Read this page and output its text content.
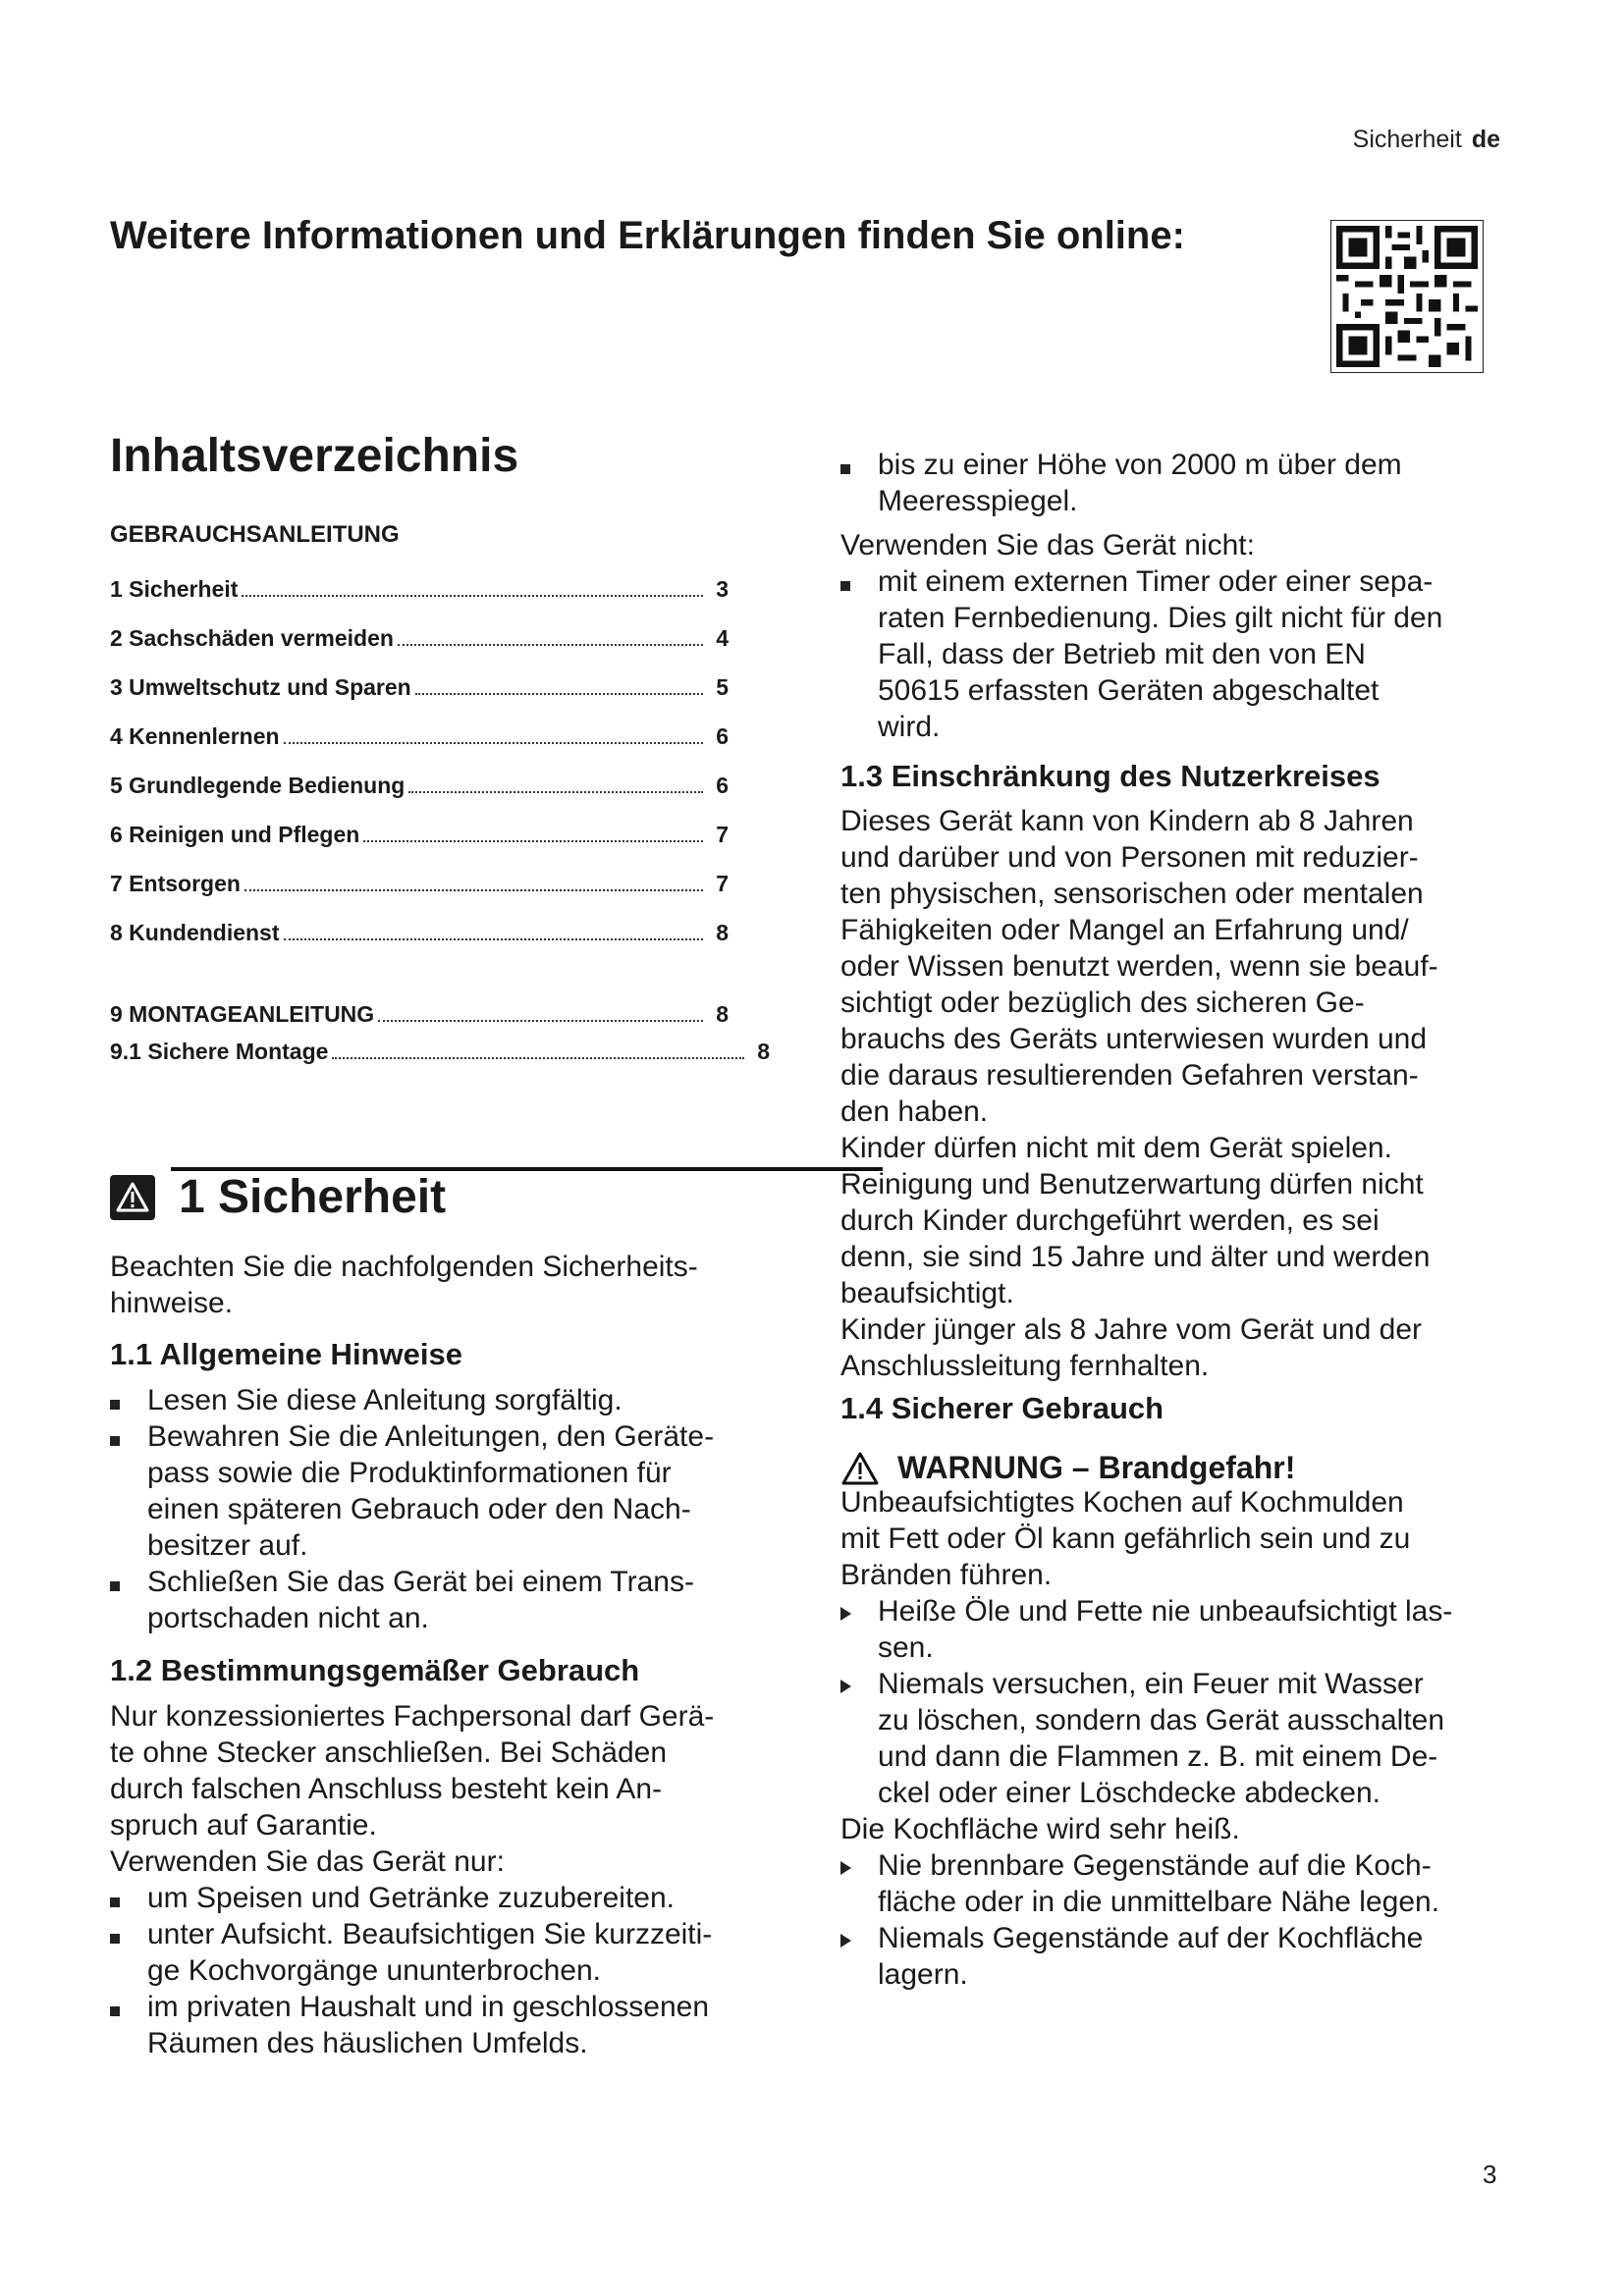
Sicherheit de
Weitere Informationen und Erklärungen finden Sie online:
Inhaltsverzeichnis
GEBRAUCHSANLEITUNG
1 Sicherheit	3
2 Sachschäden vermeiden	4
3 Umweltschutz und Sparen	5
4 Kennenlernen	6
5 Grundlegende Bedienung	6
6 Reinigen und Pflegen	7
7 Entsorgen	7
8 Kundendienst	8
9 MONTAGEANLEITUNG	8
9.1 Sichere Montage	8
1 Sicherheit
Beachten Sie die nachfolgenden Sicherheits-
hinweise.
1.1 Allgemeine Hinweise
Lesen Sie diese Anleitung sorgfältig.
Bewahren Sie die Anleitungen, den Geräte-
pass sowie die Produktinformationen für
einen späteren Gebrauch oder den Nach-
besitzer auf.
Schließen Sie das Gerät bei einem Trans-
portschaden nicht an.
1.2 Bestimmungsgemäßer Gebrauch
Nur konzessioniertes Fachpersonal darf Gerä-
te ohne Stecker anschließen. Bei Schäden
durch falschen Anschluss besteht kein An-
spruch auf Garantie.
Verwenden Sie das Gerät nur:
um Speisen und Getränke zuzubereiten.
unter Aufsicht. Beaufsichtigen Sie kurzzeiti-
ge Kochvorgänge ununterbrochen.
im privaten Haushalt und in geschlossenen
Räumen des häuslichen Umfelds.
bis zu einer Höhe von 2000 m über dem
Meeresspiegel.
Verwenden Sie das Gerät nicht:
mit einem externen Timer oder einer sepa-
raten Fernbedienung. Dies gilt nicht für den
Fall, dass der Betrieb mit den von EN
50615 erfassten Geräten abgeschaltet
wird.
1.3 Einschränkung des Nutzerkreises
Dieses Gerät kann von Kindern ab 8 Jahren
und darüber und von Personen mit reduzier-
ten physischen, sensorischen oder mentalen
Fähigkeiten oder Mangel an Erfahrung und/
oder Wissen benutzt werden, wenn sie beauf-
sichtigt oder bezüglich des sicheren Ge-
brauchs des Geräts unterwiesen wurden und
die daraus resultierenden Gefahren verstan-
den haben.
Kinder dürfen nicht mit dem Gerät spielen.
Reinigung und Benutzerwartung dürfen nicht
durch Kinder durchgeführt werden, es sei
denn, sie sind 15 Jahre und älter und werden
beaufsichtigt.
Kinder jünger als 8 Jahre vom Gerät und der
Anschlussleitung fernhalten.
1.4 Sicherer Gebrauch
WARNUNG – Brandgefahr!
Unbeaufsichtigtes Kochen auf Kochmulden
mit Fett oder Öl kann gefährlich sein und zu
Bränden führen.
Heiße Öle und Fette nie unbeaufsichtigt las-
sen.
Niemals versuchen, ein Feuer mit Wasser
zu löschen, sondern das Gerät ausschalten
und dann die Flammen z. B. mit einem De-
ckel oder einer Löschdecke abdecken.
Die Kochfläche wird sehr heiß.
Nie brennbare Gegenstände auf die Koch-
fläche oder in die unmittelbare Nähe legen.
Niemals Gegenstände auf der Kochfläche
lagern.
3
